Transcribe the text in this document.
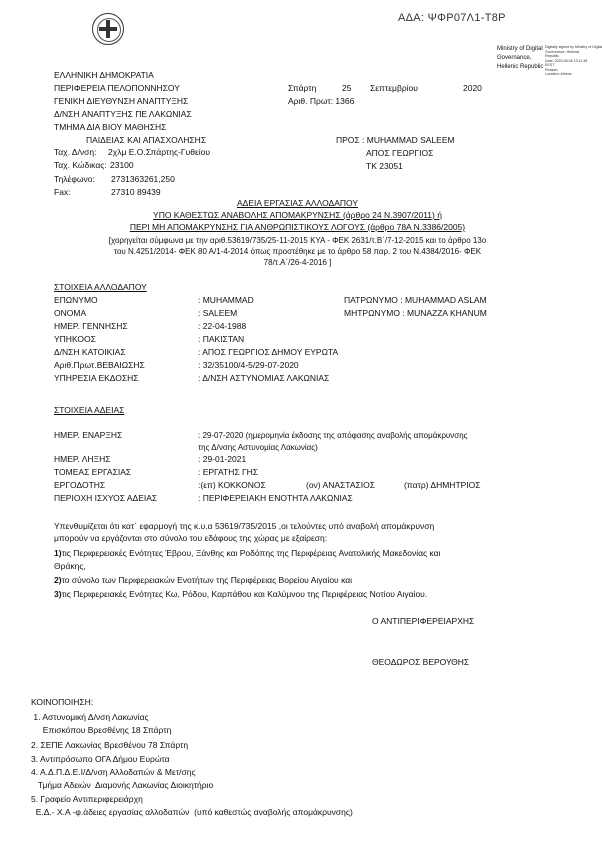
ΑΔΑ: ΨΦΡ07Λ1-Τ8Ρ
Ministry of Digital
Governance,
Hellenic Republic
Digitally signed by Ministry of Digital
Governance, Hellenic
Republic
Date: 2020.08.06 13:11:38
EEST
Reason:
Location: Athens
ΕΛΛΗΝΙΚΗ ΔΗΜΟΚΡΑΤΙΑ
ΠΕΡΙΦΕΡΕΙΑ ΠΕΛΟΠΟΝΝΗΣΟΥ
ΓΕΝΙΚΗ ΔΙΕΥΘΥΝΣΗ ΑΝΑΠΤΥΞΗΣ
Δ/ΝΣΗ ΑΝΑΠΤΥΞΗΣ ΠΕ ΛΑΚΩΝΙΑΣ
ΤΜΗΜΑ ΔΙΑ ΒΙΟΥ ΜΑΘΗΣΗΣ
ΠΑΙΔΕΙΑΣ ΚΑΙ ΑΠΑΣΧΟΛΗΣΗΣ
Σπάρτη	25 Σεπτεμβρίου	2020
Αριθ. Πρωτ: 1366
Ταχ. Δ/νση: 2χλμ Ε.Ο.Σπάρτης-Γυθείου
Ταχ. Κώδικας: 23100
Τηλέφωνο: 2731363261,250
Fax:	27310 89439
ΠΡΟΣ : MUHAMMAD SALEEM
ΑΠΟΣ ΓΕΩΡΓΙΟΣ
ΤΚ 23051
ΑΔΕΙΑ ΕΡΓΑΣΙΑΣ ΑΛΛΟΔΑΠΟΥ
ΥΠΟ ΚΑΘΕΣΤΩΣ ΑΝΑΒΟΛΗΣ ΑΠΟΜΑΚΡΥΝΣΗΣ (άρθρο 24 Ν.3907/2011) ή
ΠΕΡΙ ΜΗ ΑΠΟΜΑΚΡΥΝΣΗΣ ΓΙΑ ΑΝΘΡΩΠΙΣΤΙΚΟΥΣ ΛΟΓΟΥΣ (άρθρο 78Α Ν.3386/2005)
[χορηγείται σύμφωνα με την αριθ.53619/735/25-11-2015 ΚΥΑ - ΦΕΚ 2631/τ.Β΄/7-12-2015 και το άρθρο 13ο
του Ν.4251/2014- ΦΕΚ 80 Α/1-4-2014 όπως προστέθηκε με το άρθρο 58 παρ. 2 του Ν.4384/2016- ΦΕΚ
78/τ.Α΄/26-4-2016 ]
ΣΤΟΙΧΕΙΑ ΑΛΛΟΔΑΠΟΥ
ΕΠΩΝΥΜΟ	: MUHAMMAD
ΟΝΟΜΑ	: SALEEM
ΗΜΕΡ. ΓΕΝΝΗΣΗΣ	: 22-04-1988
ΥΠΗΚΟΟΣ	: ΠΑΚΙΣΤΑΝ
Δ/ΝΣΗ ΚΑΤΟΙΚΙΑΣ	: ΑΠΟΣ ΓΕΩΡΓΙΟΣ ΔΗΜΟΥ ΕΥΡΩΤΑ
Αριθ.Πρωτ.ΒΕΒΑΙΩΣΗΣ	: 32/35100/4-5/29-07-2020
ΥΠΗΡΕΣΙΑ ΕΚΔΟΣΗΣ	: Δ/ΝΣΗ ΑΣΤΥΝΟΜΙΑΣ ΛΑΚΩΝΙΑΣ
ΠΑΤΡΩΝΥΜΟ : MUHAMMAD ASLAM
ΜΗΤΡΩΝΥΜΟ : MUNAZZA KHANUM
ΣΤΟΙΧΕΙΑ ΑΔΕΙΑΣ
ΗΜΕΡ. ΕΝΑΡΞΗΣ	: 29-07-2020 (ημερομηνία έκδοσης της απόφασης αναβολής απομάκρυνσης
της Δ/νσης Αστυνομίας Λακωνίας)
ΗΜΕΡ. ΛΗΞΗΣ	: 29-01-2021
ΤΟΜΕΑΣ ΕΡΓΑΣΙΑΣ	: ΕΡΓΑΤΗΣ ΓΗΣ
ΕΡΓΟΔΟΤΗΣ	:(επ) ΚΟΚΚΟΝΟΣ	(ον) ΑΝΑΣΤΑΣΙΟΣ	(πατρ) ΔΗΜΗΤΡΙΟΣ
ΠΕΡΙΟΧΗ ΙΣΧΥΟΣ ΑΔΕΙΑΣ	: ΠΕΡΙΦΕΡΕΙΑΚΗ ΕΝΟΤΗΤΑ ΛΑΚΩΝΙΑΣ
Υπενθυμίζεται ότι κατ΄ εφαρμογή της κ.υ.α 53619/735/2015 ,οι τελούντες υπό αναβολή απομάκρυνση
μπορούν να εργάζονται στο σύνολο του εδάφους της χώρας με εξαίρεση:
1)τις Περιφερειακές Ενότητες Έβρου, Ξάνθης και Ροδόπης της Περιφέρειας Ανατολικής Μακεδονίας και
Θράκης,
2)το σύνολο των Περιφερειακών Ενοτήτων της Περιφέρειας Βορείου Αιγαίου και
3)τις Περιφερειακές Ενότητες Κω, Ρόδου, Καρπάθου και Καλύμνου της Περιφέρειας Νοτίου Αιγαίου.
Ο ΑΝΤΙΠΕΡΙΦΕΡΕΙΑΡΧΗΣ
ΘΕΟΔΩΡΟΣ ΒΕΡΟΥΘΗΣ
ΚΟΙΝΟΠΟΙΗΣΗ:
1. Αστυνομική Δ/νση Λακωνίας
Επισκόπου Βρεσθένης 18 Σπάρτη
2. ΣΕΠΕ Λακωνίας Βρεσθένου 78 Σπάρτη
3. Αντιπρόσωπο ΟΓΑ Δήμου Ευρώτα
4. Α.Δ.Π.Δ.Ε.Ι/Δ/νση Αλλοδαπών & Μετ/σης
Τμήμα Αδειών  Διαμονής Λακωνίας Διοικητήριο
5. Γραφείο Αντιπεριφερειάρχη
Ε.Δ.- Χ.Α -φ.άδειες εργασίας αλλοδαπών  (υπό καθεστώς αναβολής απομάκρυνσης)
